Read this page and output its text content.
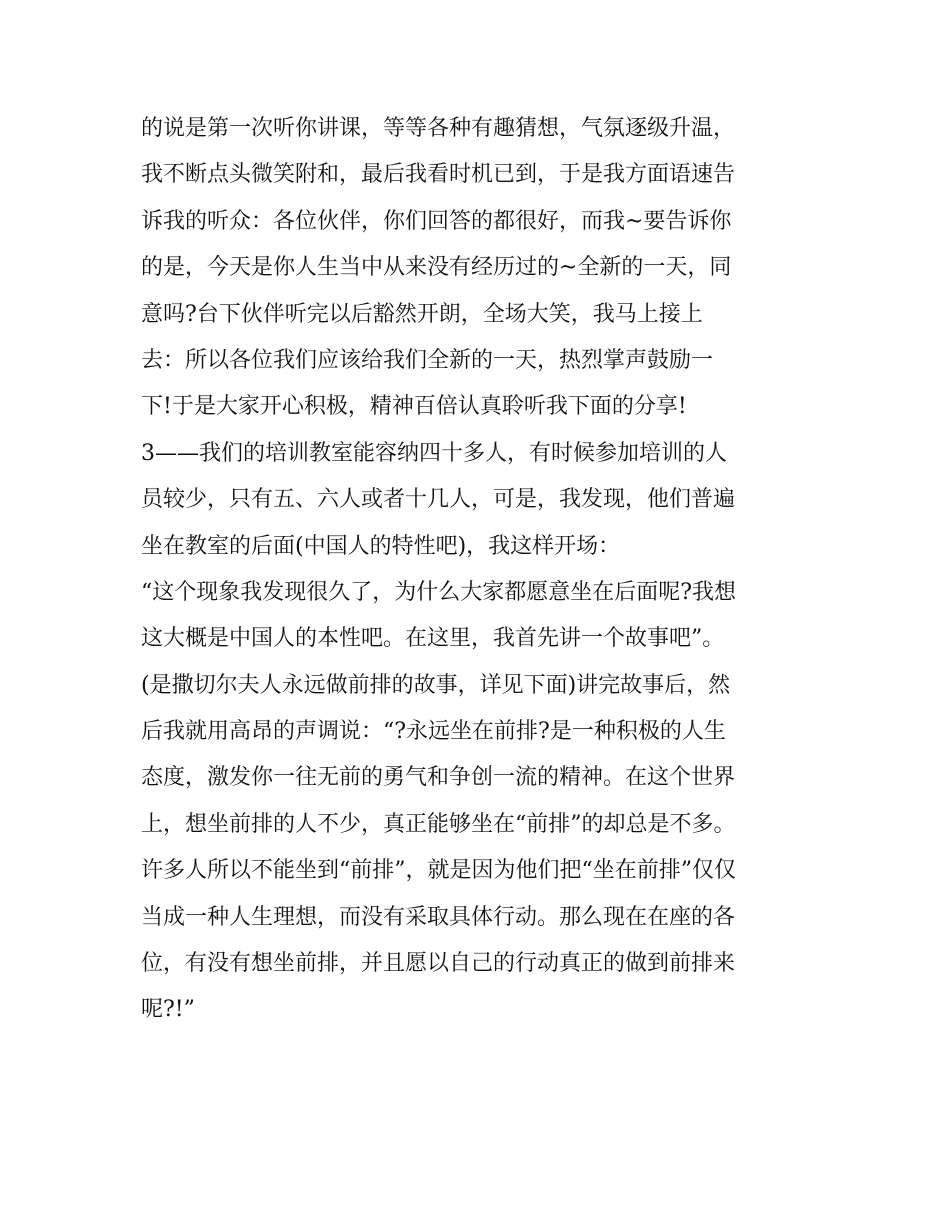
的说是第一次听你讲课，等等各种有趣猜想，气氛逐级升温，
我不断点头微笑附和，最后我看时机已到，于是我方面语速告
诉我的听众：各位伙伴，你们回答的都很好，而我~要告诉你
的是，今天是你人生当中从来没有经历过的~全新的一天，同
意吗?台下伙伴听完以后豁然开朗，全场大笑，我马上接上
去：所以各位我们应该给我们全新的一天，热烈掌声鼓励一
下!于是大家开心积极，精神百倍认真聆听我下面的分享!
3——我们的培训教室能容纳四十多人，有时候参加培训的人
员较少，只有五、六人或者十几人，可是，我发现，他们普遍
坐在教室的后面(中国人的特性吧)，我这样开场：
“这个现象我发现很久了，为什么大家都愿意坐在后面呢?我想
这大概是中国人的本性吧。在这里，我首先讲一个故事吧”。
(是撒切尔夫人永远做前排的故事，详见下面)讲完故事后，然
后我就用高昂的声调说：“?永远坐在前排?是一种积极的人生
态度，激发你一往无前的勇气和争创一流的精神。在这个世界
上，想坐前排的人不少，真正能够坐在“前排”的却总是不多。
许多人所以不能坐到“前排”，就是因为他们把“坐在前排”仅仅
当成一种人生理想，而没有采取具体行动。那么现在在座的各
位，有没有想坐前排，并且愿以自己的行动真正的做到前排来
呢?!”
